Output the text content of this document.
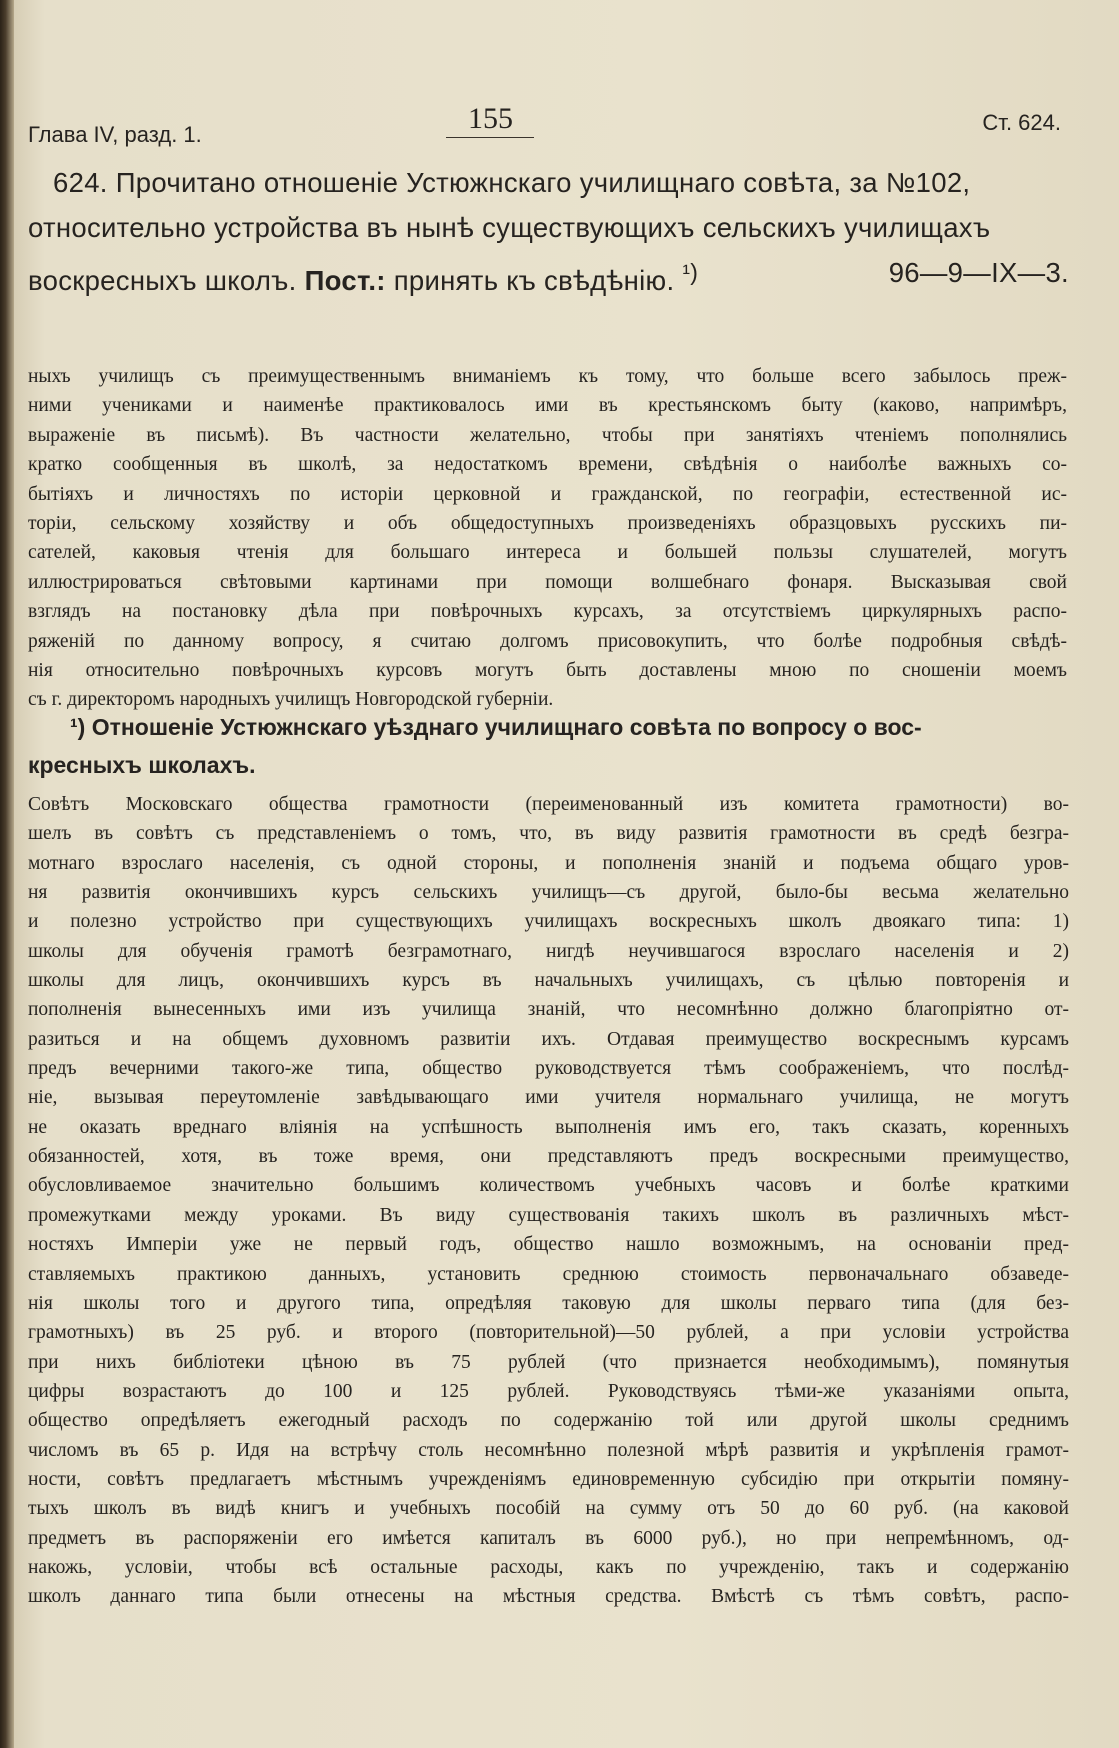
Глава IV, разд. 1.	155	Ст. 624.
624. Прочитано отношеніе Устюжнскаго училищнаго совѣта, за №102,
относительно устройства въ нынѣ существующихъ сельскихъ училищахъ
воскресныхъ школъ. Пост.: принять къ свѣдѣнію. $^{^1)}$	96—9—IX—3.
ныхъ училищъ съ преимущественнымъ вниманіемъ къ тому, что больше всего забылось преж-
ними учениками и наименѣе практиковалось ими въ крестьянскомъ быту (каково, напримѣръ,
выраженіе въ письмѣ). Въ частности желательно, чтобы при занятіяхъ чтеніемъ пополнялись
кратко сообщенныя въ школѣ, за недостаткомъ времени, свѣдѣнія о наиболѣе важныхъ со-
бытіяхъ и личностяхъ по исторіи церковной и гражданской, по географіи, естественной ис-
торіи, сельскому хозяйству и объ общедоступныхъ произведеніяхъ образцовыхъ русскихъ пи-
сателей, каковыя чтенія для большаго интереса и большей пользы слушателей, могутъ
иллюстрироваться свѣтовыми картинами при помощи волшебнаго фонаря. Высказывая свой
взглядъ на постановку дѣла при повѣрочныхъ курсахъ, за отсутствіемъ циркулярныхъ распо-
ряженій по данному вопросу, я считаю долгомъ присовокупить, что болѣе подробныя свѣдѣ-
нія относительно повѣрочныхъ курсовъ могутъ быть доставлены мною по сношеніи моемъ
съ г. директоромъ народныхъ училищъ Новгородской губерніи.
¹) Отношеніе Устюжнскаго уѣзднаго училищнаго совѣта по вопросу о вос-
кресныхъ школахъ.
Совѣтъ Московскаго общества грамотности (переименованный изъ комитета грамотности) во-
шелъ въ совѣтъ съ представленіемъ о томъ, что, въ виду развитія грамотности въ средѣ безгра-
мотнаго взрослаго населенія, съ одной стороны, и пополненія знаній и подъема общаго уров-
ня развитія окончившихъ курсъ сельскихъ училищъ—съ другой, было-бы весьма желательно
и полезно устройство при существующихъ училищахъ воскресныхъ школъ двоякаго типа: 1)
школы для обученія грамотѣ безграмотнаго, нигдѣ неучившагося взрослаго населенія и 2)
школы для лицъ, окончившихъ курсъ въ начальныхъ училищахъ, съ цѣлью повторенія и
пополненія вынесенныхъ ими изъ училища знаній, что несомнѣнно должно благопріятно от-
разиться и на общемъ духовномъ развитіи ихъ. Отдавая преимущество воскреснымъ курсамъ
предъ вечерними такого-же типа, общество руководствуется тѣмъ соображеніемъ, что послѣд-
ніе, вызывая переутомленіе завѣдывающаго ими учителя нормальнаго училища, не могутъ
не оказать вреднаго вліянія на успѣшность выполненія имъ его, такъ сказать, коренныхъ
обязанностей, хотя, въ тоже время, они представляютъ предъ воскресными преимущество,
обусловливаемое значительно большимъ количествомъ учебныхъ часовъ и болѣе краткими
промежутками между уроками. Въ виду существованія такихъ школъ въ различныхъ мѣст-
ностяхъ Имперіи уже не первый годъ, общество нашло возможнымъ, на основаніи пред-
ставляемыхъ практикою данныхъ, установить среднюю стоимость первоначальнаго обзаведе-
нія школы того и другого типа, опредѣляя таковую для школы перваго типа (для без-
грамотныхъ) въ 25 руб. и второго (повторительной)—50 рублей, а при условіи устройства
при нихъ библіотеки цѣною въ 75 рублей (что признается необходимымъ), помянутыя
цифры возрастаютъ до 100 и 125 рублей. Руководствуясь тѣми-же указаніями опыта,
общество опредѣляетъ ежегодный расходъ по содержанію той или другой школы среднимъ
числомъ въ 65 р. Идя на встрѣчу столь несомнѣнно полезной мѣрѣ развитія и укрѣпленія грамот-
ности, совѣтъ предлагаетъ мѣстнымъ учрежденіямъ единовременную субсидію при открытіи помяну-
тыхъ школъ въ видѣ книгъ и учебныхъ пособій на сумму отъ 50 до 60 руб. (на каковой
предметъ въ распоряженіи его имѣется капиталъ въ 6000 руб.), но при непремѣнномъ, од-
накожь, условіи, чтобы всѣ остальные расходы, какъ по учрежденію, такъ и содержанію
школъ даннаго типа были отнесены на мѣстныя средства. Вмѣстѣ съ тѣмъ совѣтъ, распо-
